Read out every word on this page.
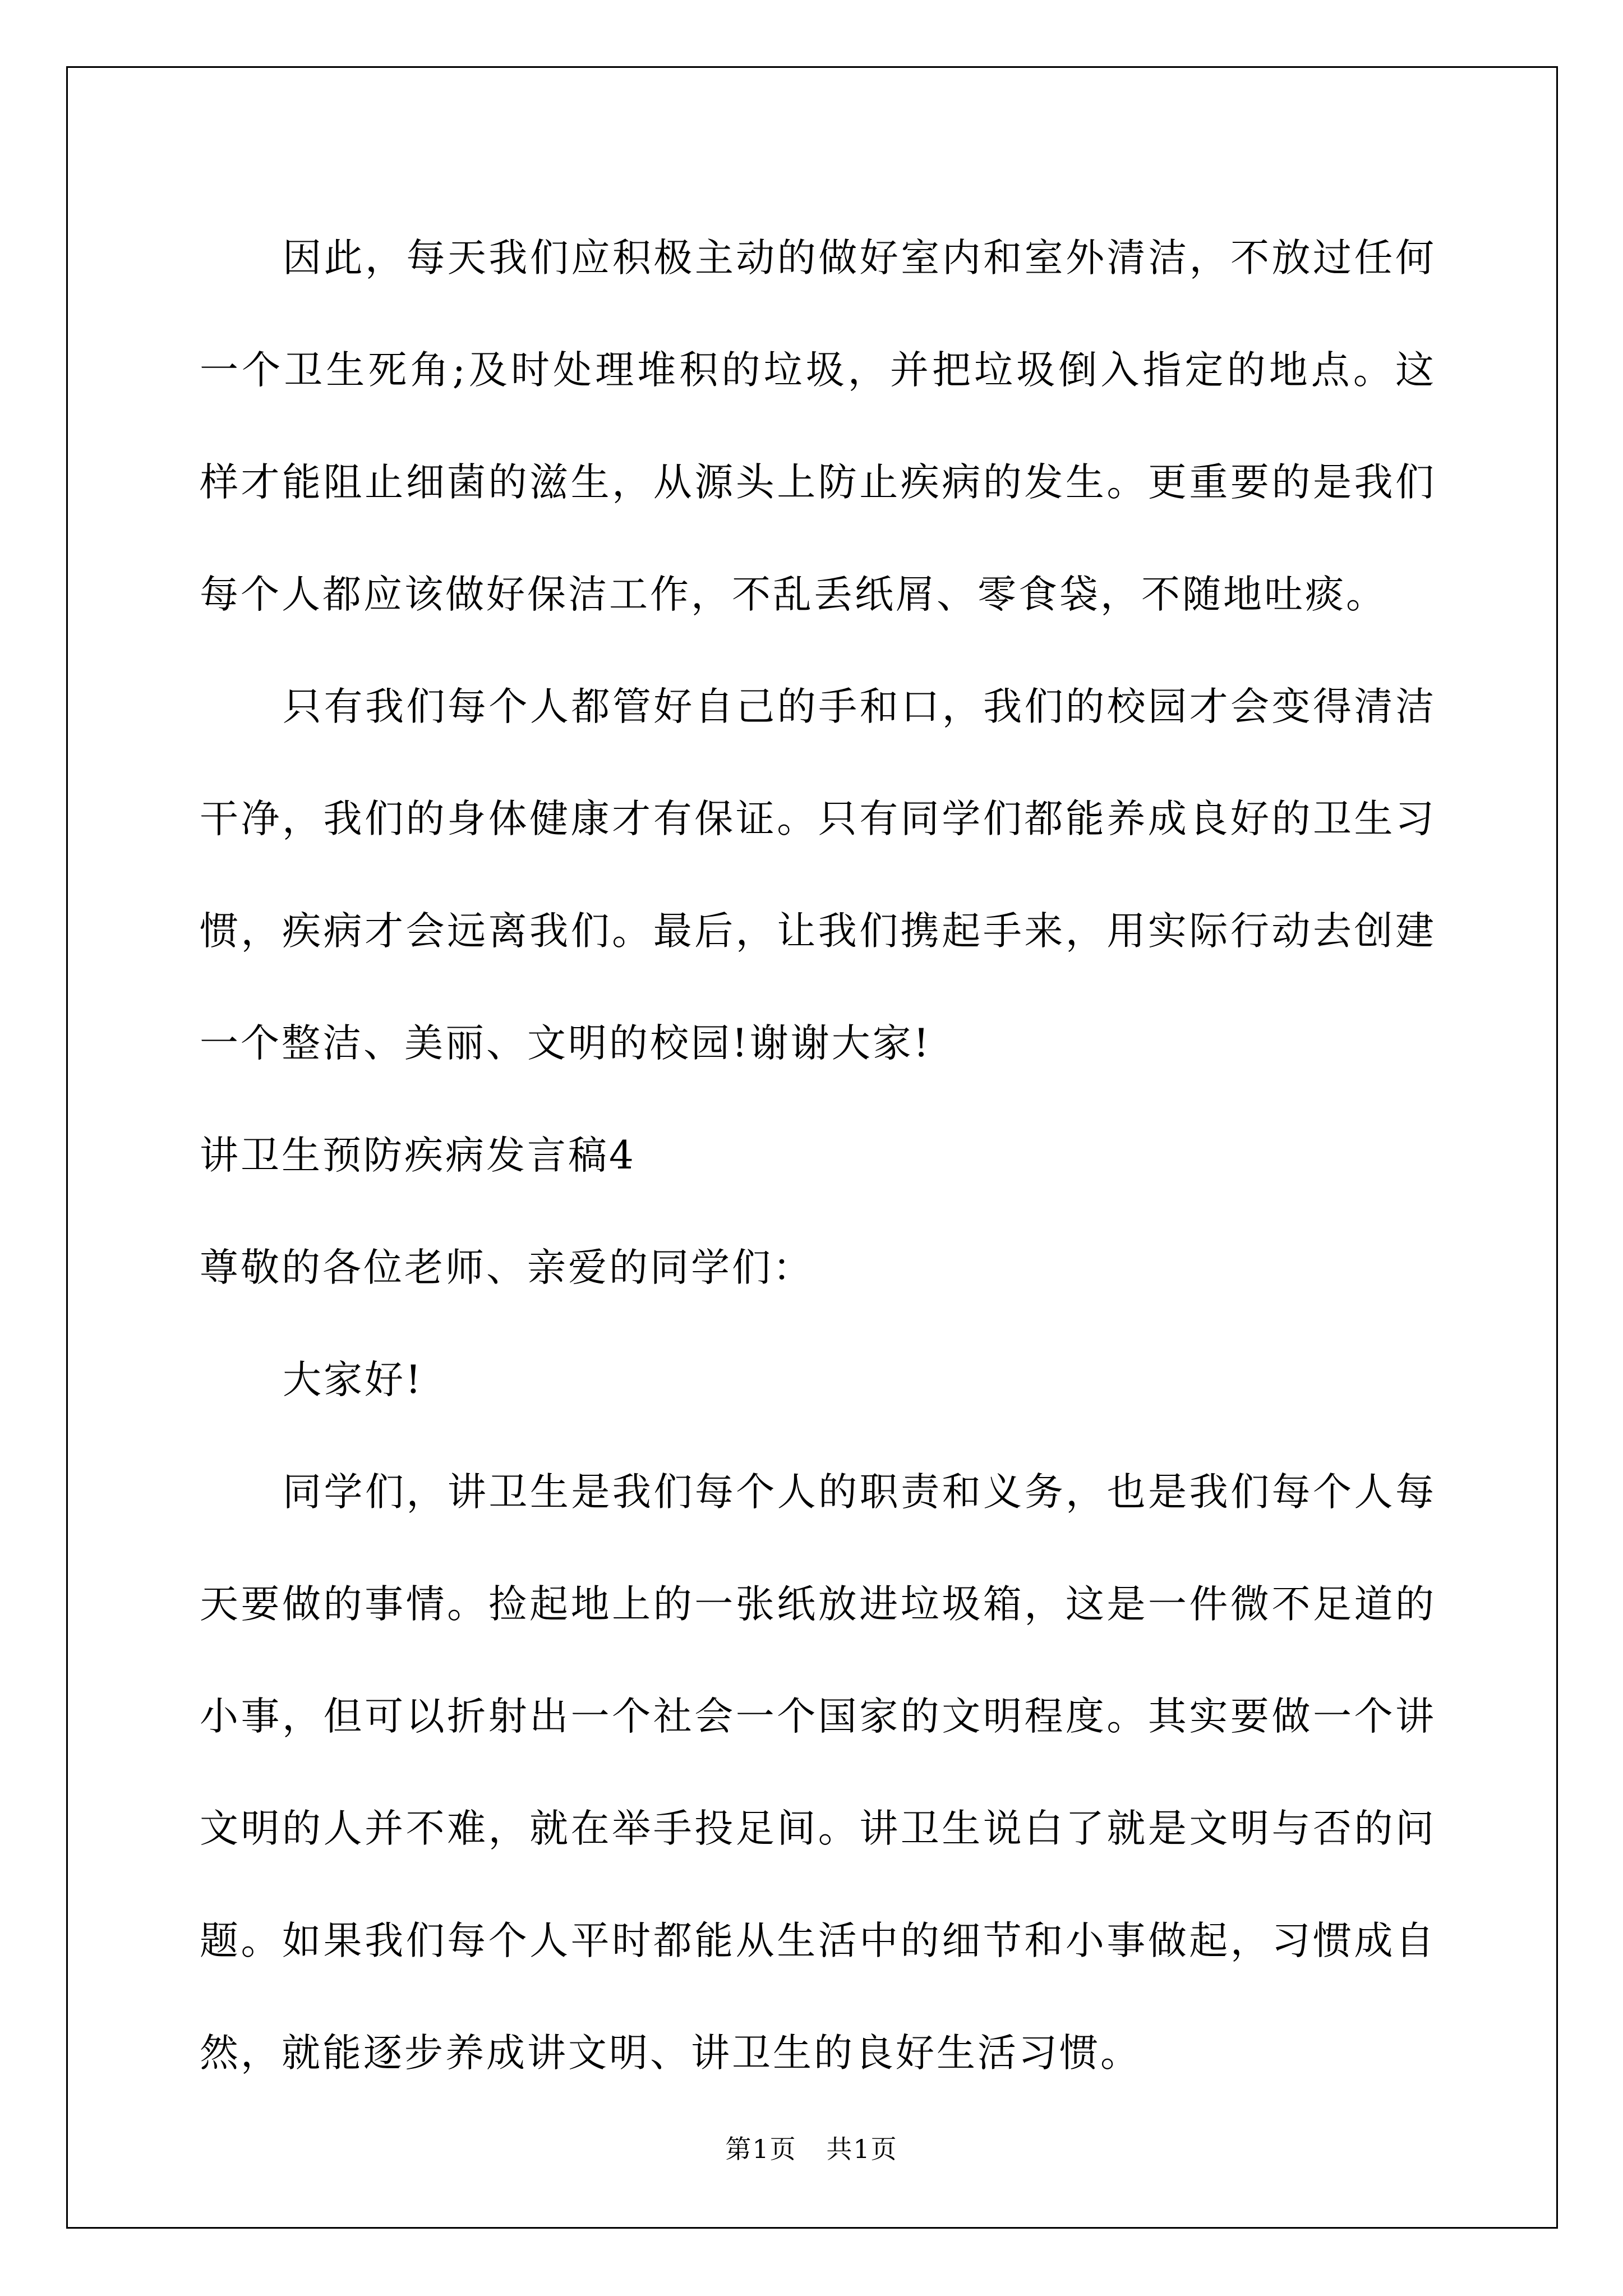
因此，每天我们应积极主动的做好室内和室外清洁，不放过任何一个卫生死角;及时处理堆积的垃圾，并把垃圾倒入指定的地点。这样才能阻止细菌的滋生，从源头上防止疾病的发生。更重要的是我们每个人都应该做好保洁工作，不乱丢纸屑、零食袋，不随地吐痰。

只有我们每个人都管好自己的手和口，我们的校园才会变得清洁干净，我们的身体健康才有保证。只有同学们都能养成良好的卫生习惯，疾病才会远离我们。最后，让我们携起手来，用实际行动去创建一个整洁、美丽、文明的校园!谢谢大家!

讲卫生预防疾病发言稿4

尊敬的各位老师、亲爱的同学们：

大家好!

同学们，讲卫生是我们每个人的职责和义务，也是我们每个人每天要做的事情。捡起地上的一张纸放进垃圾箱，这是一件微不足道的小事，但可以折射出一个社会一个国家的文明程度。其实要做一个讲文明的人并不难，就在举手投足间。讲卫生说白了就是文明与否的问题。如果我们每个人平时都能从生活中的细节和小事做起，习惯成自然，就能逐步养成讲文明、讲卫生的良好生活习惯。

第1页 共1页
